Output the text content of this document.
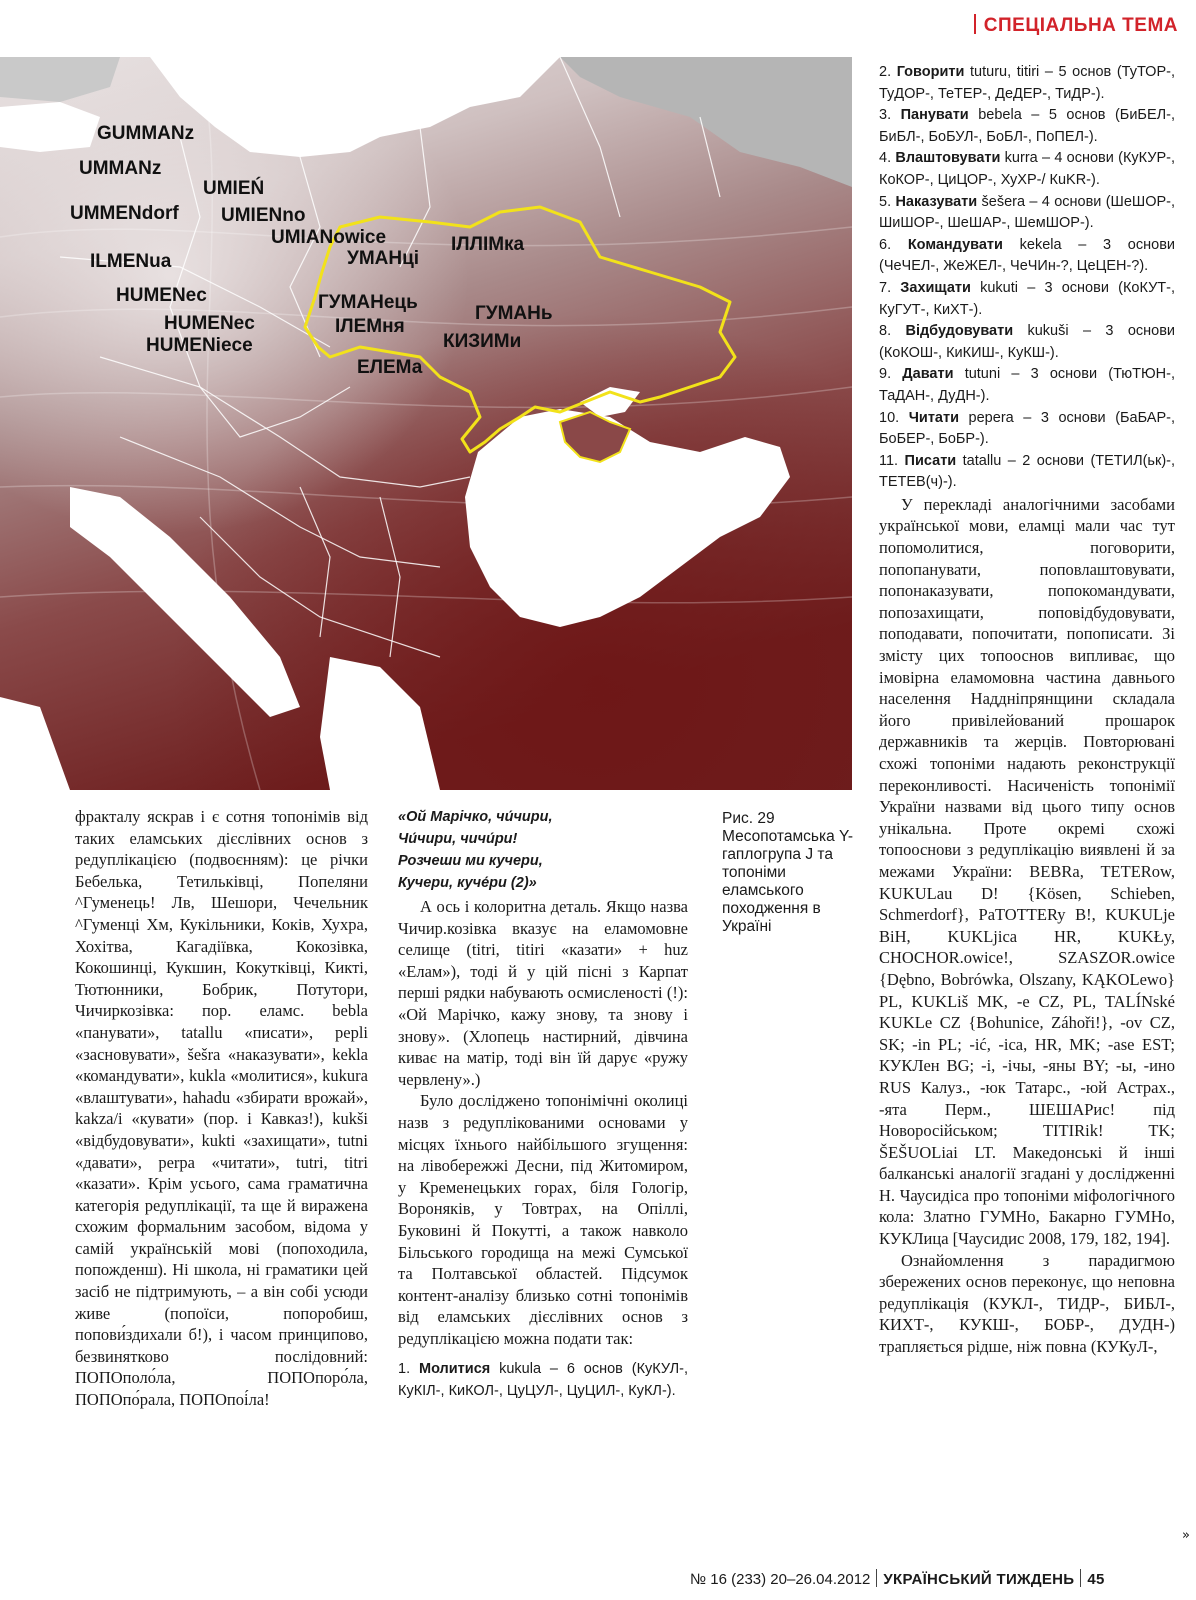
СПЕЦІАЛЬНА ТЕМА
GUMMANz
UMMANz
UMIEŃ
UMMENdorf UMIENno
UMIANowice	ІЛЛІМка
УМАНці
ILMENua
HUMENec	ГУМАНець
HUMENec	ІЛЕМня
ГУМАНь
HUMENiece	КИЗИМи
ЕЛЕМа

фракталу яскрав і є сотня топонімів від таких еламських дієслівних основ з редуплікацією (подвоєнням): це річки Бебелька, Тетильківці, Попеляни ^Гуменець! Лв, Шешори, Чечельник ^Гуменці Хм, Кукільники, Коків, Хухра, Хохітва, Кагадіївка, Кокозівка, Кокошинці, Кукшин, Кокутківці, Кикті, Тютюнники, Бобрик, Потутори, Чичиркозівка: пор. еламс. bebla «панувати», tatallu «писати», pepli «засновувати», šešra «наказувати», kekla «командувати», kukla «молитися», kukura «влаштувати», hahadu «збирати врожай», kakza/i «кувати» (пор. і Кавказ!), kukši «відбудовувати», kukti «захищати», tutni «давати», perpa «читати», tutri, titri «казати». Крім усього, сама граматична категорія редуплікації, та ще й виражена схожим формальним засобом, відома у самій українській мові (попоходила, попожденш). Ні школа, ні граматики цей засіб не підтримують, – а він собі усюди живе (попоїси, попоробиш, попови́здихали б!), і часом принципово, безвинятково послідовний: ПОПОполо́ла, ПОПОпоро́ла, ПОПОпо́рала, ПОПОпоі́ла!

«Ой Марічко, чи́чири,
Чи́чири, чичи́ри!
Розчеши ми кучери,
Кучери, куче́ри (2)»

А ось і колоритна деталь. Якщо назва Чичир.козівка вказує на еламомовне селище (titri, titiri «казати» + huz «Елам»), тоді й у цій пісні з Карпат перші рядки набувають осмисленості (!): «Ой Марічко, кажу знову, та знову і знову». (Хлопець настирний, дівчина киває на матір, тоді він їй дарує «ружу червлену».)

Було досліджено топонімічні околиці назв з редуплікованими основами у місцях їхнього найбільшого згущення: на лівобережжі Десни, під Житомиром, у Кременецьких горах, біля Гологір, Вороняків, у Товтрах, на Опіллі, Буковині й Покутті, а також навколо Більського городища на межі Сумської та Полтавської областей. Підсумок контент-аналізу близько сотні топонімів від еламських дієслівних основ з редуплікацією можна подати так:

1. Молитися kukula – 6 основ (КуКУЛ-, КуКІЛ-, КиКОЛ-, ЦуЦУЛ-, ЦуЦИЛ-, КуКЛ-).

Рис. 29 Месопотамська Y-гаплогрупа J та топоніми еламського походження в Україні

2. Говорити tuturu, titiri – 5 основ (ТуТОР-, ТуДОР-, ТеТЕР-, ДеДЕР-, ТиДР-).

3. Панувати bebela – 5 основ (БиБЕЛ-, БиБЛ-, БоБУЛ-, БоБЛ-, ПоПЕЛ-).

4. Влаштовувати kurra – 4 основи (КуКУР-, КоКОР-, ЦиЦОР-, ХуХР-/ КuKR-).

5. Наказувати šešera – 4 основи (ШеШОР-, ШиШОР-, ШеШАР-, ШемШОР-).

6. Командувати kekela – 3 основи (ЧеЧЕЛ-, ЖеЖЕЛ-, ЧеЧИн-?, ЦеЦЕН-?).

7. Захищати kukuti – 3 основи (КоКУТ-, КуГУТ-, КиХТ-).

8. Відбудовувати kukuši – 3 основи (КоКОШ-, КиКИШ-, КуКШ-).

9. Давати tutuni – 3 основи (ТюТЮН-, ТаДАН-, ДуДН-).

10. Читати pepera – 3 основи (БаБАР-, БоБЕР-, БоБР-).

11. Писати tatallu – 2 основи (ТЕТИЛ(ьк)-, ТЕТЕВ(ч)-).

У перекладі аналогічними засобами української мови, еламці мали час тут попомолитися, поговорити, попопанувати, поповлаштовувати, попонаказувати, попокомандувати, попозахищати, поповідбудовувати, поподавати, попочитати, попописати. Зі змісту цих топооснов випливає, що імовірна еламомовна частина давнього населення Наддніпрянщини складала його привілейований прошарок державників та жерців. Повторювані схожі топоніми надають реконструкції переконливості. Насиченість топонімії України назвами від цього типу основ унікальна. Проте окремі схожі топооснови з редуплікацію виявлені й за межами України: BEBRa, TETERow, KUKULau D! {Kösen, Schieben, Schmerdorf}, PaTOTTERy B!, KUKULje BiH, KUKLjica HR, KUKŁy, CHOCHOR.owice!, SZASZOR.owice {Dębno, Bobrówka, Olszany, KĄKOLewo} PL, KUKLiš MK, -e CZ, PL, TALÍNské KUKLe CZ {Bohunice, Záhoři!}, -ov CZ, SK; -in PL; -ić, -ica, HR, MK; -ase EST; КУКЛен BG; -i, -ічы, -яны BY; -ы, -ино RUS Калуз., -юк Татарс., -юй Астрах., -ята Перм., ШЕШАРис! під Новоросійськом; TITIRik! TK; ŠEŠUOLiai LT. Македонські й інші балканські аналогії згадані у дослідженні Н. Чаусидіса про топоніми міфологічного кола: Златно ГУМНо, Бакарно ГУМНо, КУКЛица [Чаусидис 2008, 179, 182, 194].

Ознайомлення з парадигмою збережених основ переконує, що неповна редуплікація (КУКЛ-, ТИДР-, БИБЛ-, КИХТ-, КУКШ-, БОБР-, ДУДН-) трапляється рідше, ніж повна (КУКуЛ-,

»
№ 16 (233) 20–26.04.2012 УКРАЇНСЬКИЙ ТИЖДЕНЬ 45
